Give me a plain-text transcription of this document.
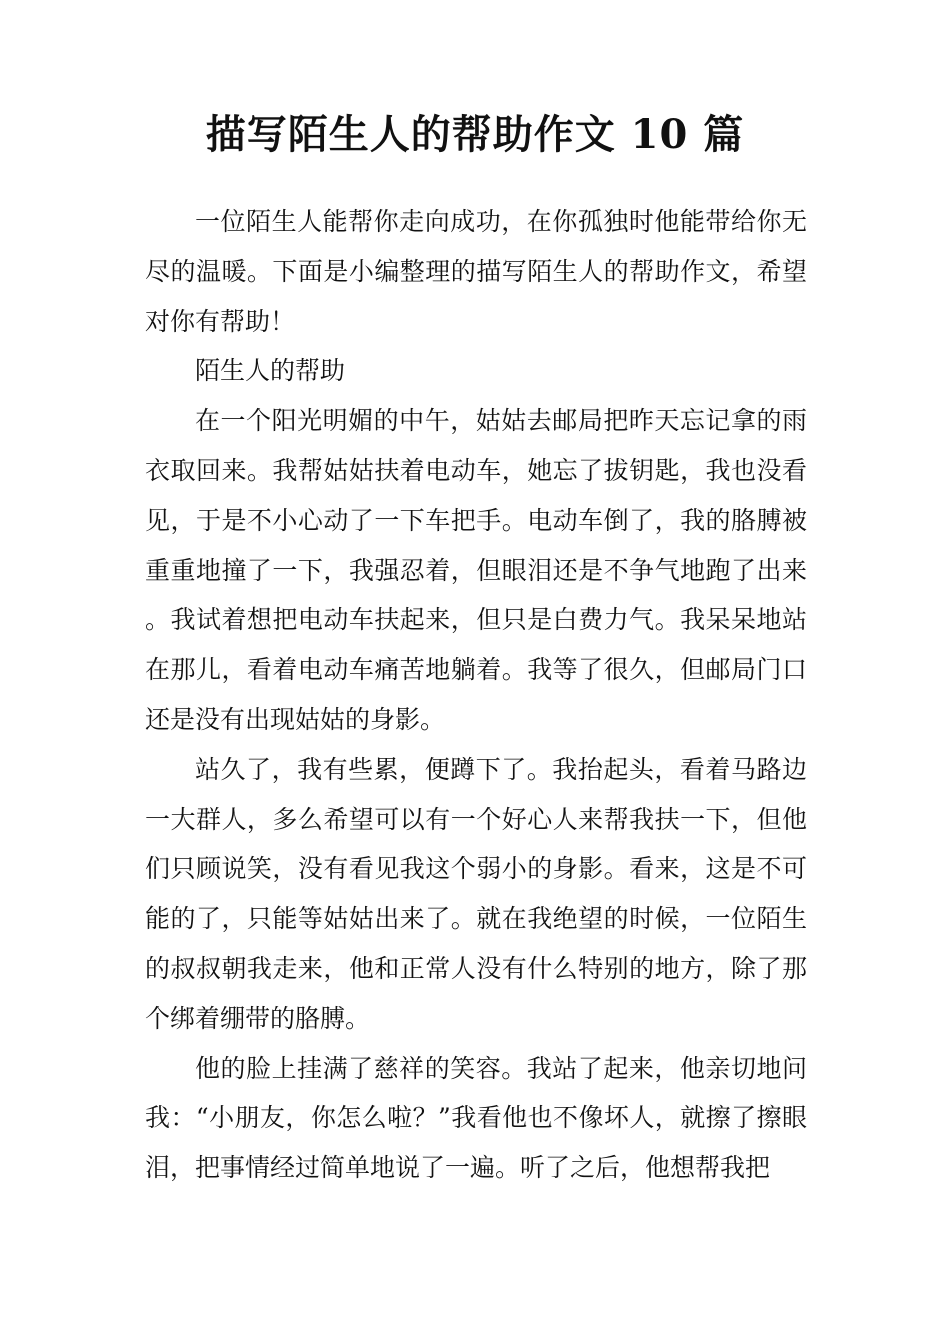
描写陌生人的帮助作文 10 篇

一位陌生人能帮你走向成功，在你孤独时他能带给你无尽的温暖。下面是小编整理的描写陌生人的帮助作文，希望对你有帮助！

陌生人的帮助

在一个阳光明媚的中午，姑姑去邮局把昨天忘记拿的雨衣取回来。我帮姑姑扶着电动车，她忘了拔钥匙，我也没看见，于是不小心动了一下车把手。电动车倒了，我的胳膊被重重地撞了一下，我强忍着，但眼泪还是不争气地跑了出来。我试着想把电动车扶起来，但只是白费力气。我呆呆地站在那儿，看着电动车痛苦地躺着。我等了很久，但邮局门口还是没有出现姑姑的身影。

站久了，我有些累，便蹲下了。我抬起头，看着马路边一大群人，多么希望可以有一个好心人来帮我扶一下，但他们只顾说笑，没有看见我这个弱小的身影。看来，这是不可能的了，只能等姑姑出来了。就在我绝望的时候，一位陌生的叔叔朝我走来，他和正常人没有什么特别的地方，除了那个绑着绷带的胳膊。

他的脸上挂满了慈祥的笑容。我站了起来，他亲切地问我：“小朋友，你怎么啦？”我看他也不像坏人，就擦了擦眼泪，把事情经过简单地说了一遍。听了之后，他想帮我把
